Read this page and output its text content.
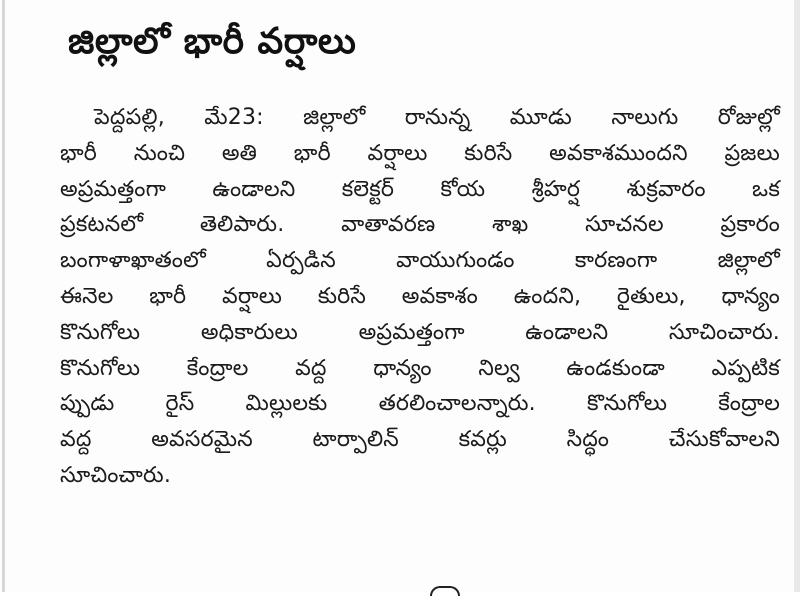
జిల్లాలో భారీ వర్షాలు
పెద్దపల్లి, మే23: జిల్లాలో రానున్న మూడు నాలుగు రోజుల్లో
భారీ నుంచి అతి భారీ వర్షాలు కురిసే అవకాశముందని ప్రజలు
అప్రమత్తంగా ఉండాలని కలెక్టర్ కోయ శ్రీహర్ష శుక్రవారం ఒక
ప్రకటనలో తెలిపారు. వాతావరణ శాఖ సూచనల ప్రకారం
బంగాళాఖాతంలో ఏర్పడిన వాయుగుండం కారణంగా జిల్లాలో
ఈనెల భారీ వర్షాలు కురిసే అవకాశం ఉందని, రైతులు, ధాన్యం
కొనుగోలు అధికారులు అప్రమత్తంగా ఉండాలని సూచించారు.
కొనుగోలు కేంద్రాల వద్ద ధాన్యం నిల్వ ఉండకుండా ఎప్పటిక
ప్పుడు రైస్ మిల్లులకు తరలించాలన్నారు. కొనుగోలు కేంద్రాల
వద్ద అవసరమైన టార్పాలిన్ కవర్లు సిద్ధం చేసుకోవాలని
సూచించారు.
